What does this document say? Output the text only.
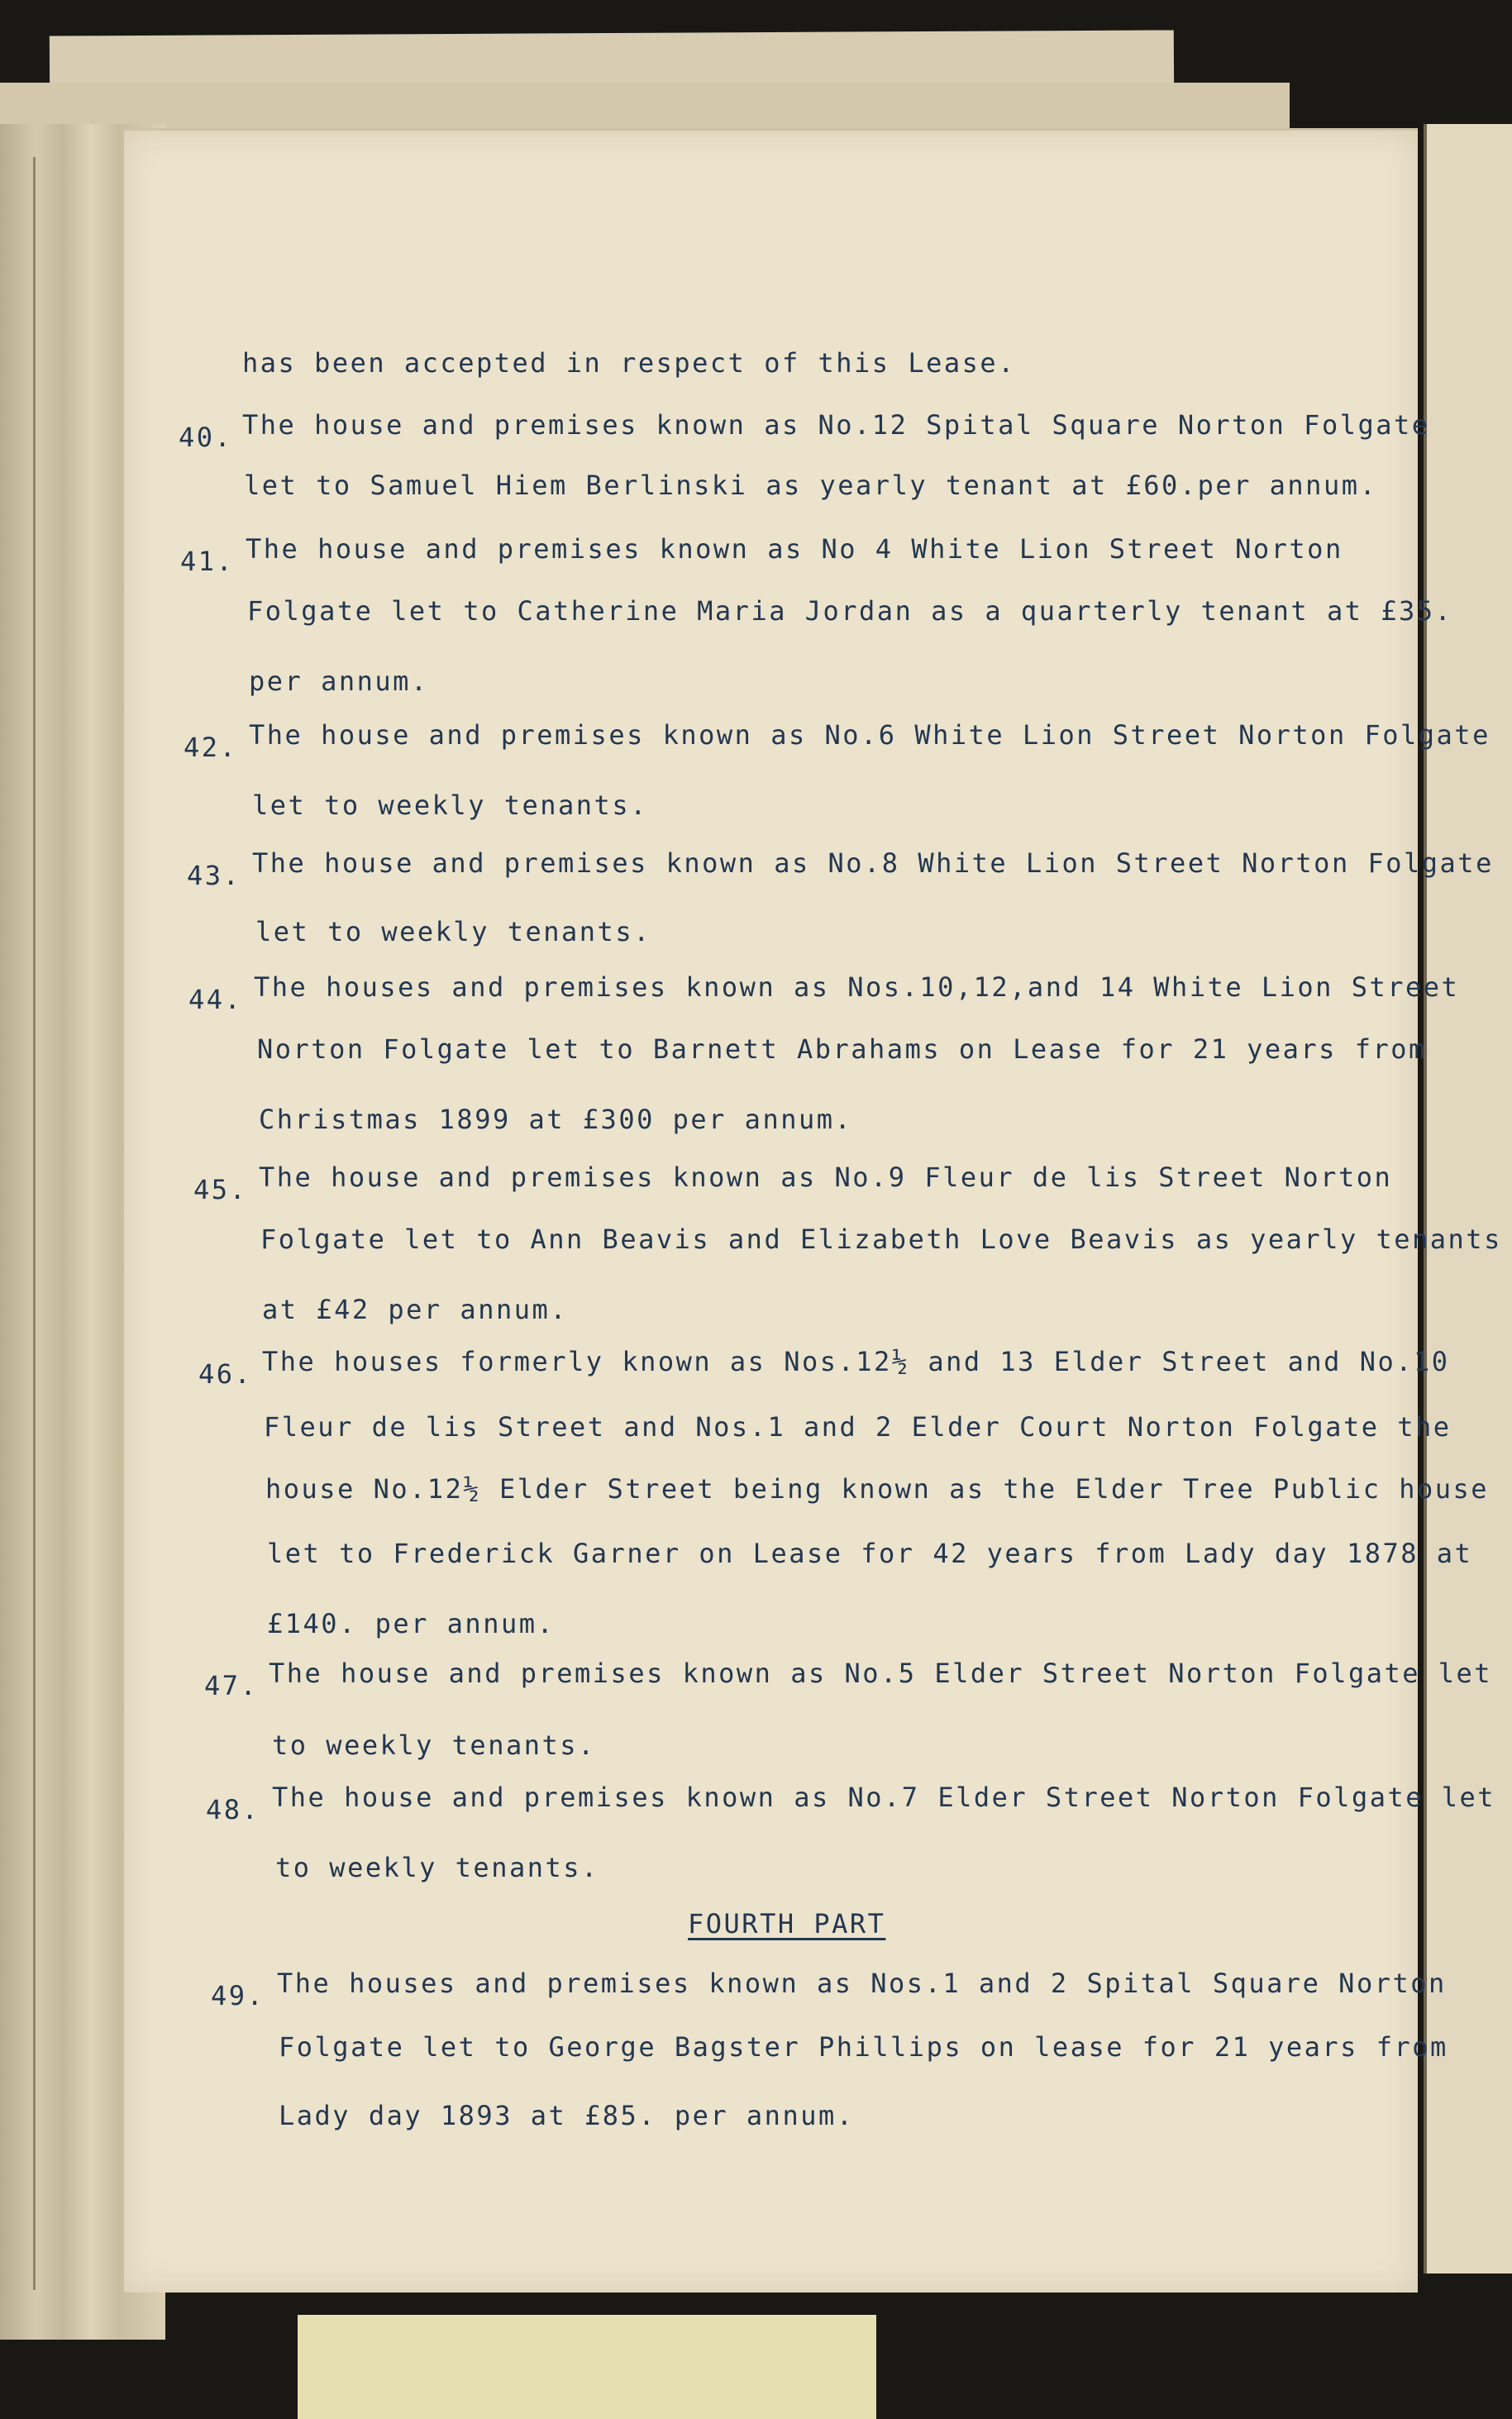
has been accepted in respect of this Lease.
40. The house and premises known as No.12 Spital Square Norton Folgate
let to Samuel Hiem Berlinski as yearly tenant at £60.per annum.
41. The house and premises known as No 4 White Lion Street Norton
Folgate let to Catherine Maria Jordan as a quarterly tenant at £35.
per annum.
42. The house and premises known as No.6 White Lion Street Norton Folgate
let to weekly tenants.
43. The house and premises known as No.8 White Lion Street Norton Folgate
let to weekly tenants.
44. The houses and premises known as Nos.10,12,and 14 White Lion Street
Norton Folgate let to Barnett Abrahams on Lease for 21 years from
Christmas 1899 at £300 per annum.
45. The house and premises known as No.9 Fleur de lis Street Norton
Folgate let to Ann Beavis and Elizabeth Love Beavis as yearly tenants
at £42 per annum.
46. The houses formerly known as Nos.12½ and 13 Elder Street and No.10
Fleur de lis Street and Nos.1 and 2 Elder Court Norton Folgate the
house No.12½ Elder Street being known as the Elder Tree Public house
let to Frederick Garner on Lease for 42 years from Lady day 1878 at
£140. per annum.
47. The house and premises known as No.5 Elder Street Norton Folgate let
to weekly tenants.
48. The house and premises known as No.7 Elder Street Norton Folgate let
to weekly tenants.
FOURTH PART
49. The houses and premises known as Nos.1 and 2 Spital Square Norton
Folgate let to George Bagster Phillips on lease for 21 years from
Lady day 1893 at £85. per annum.
